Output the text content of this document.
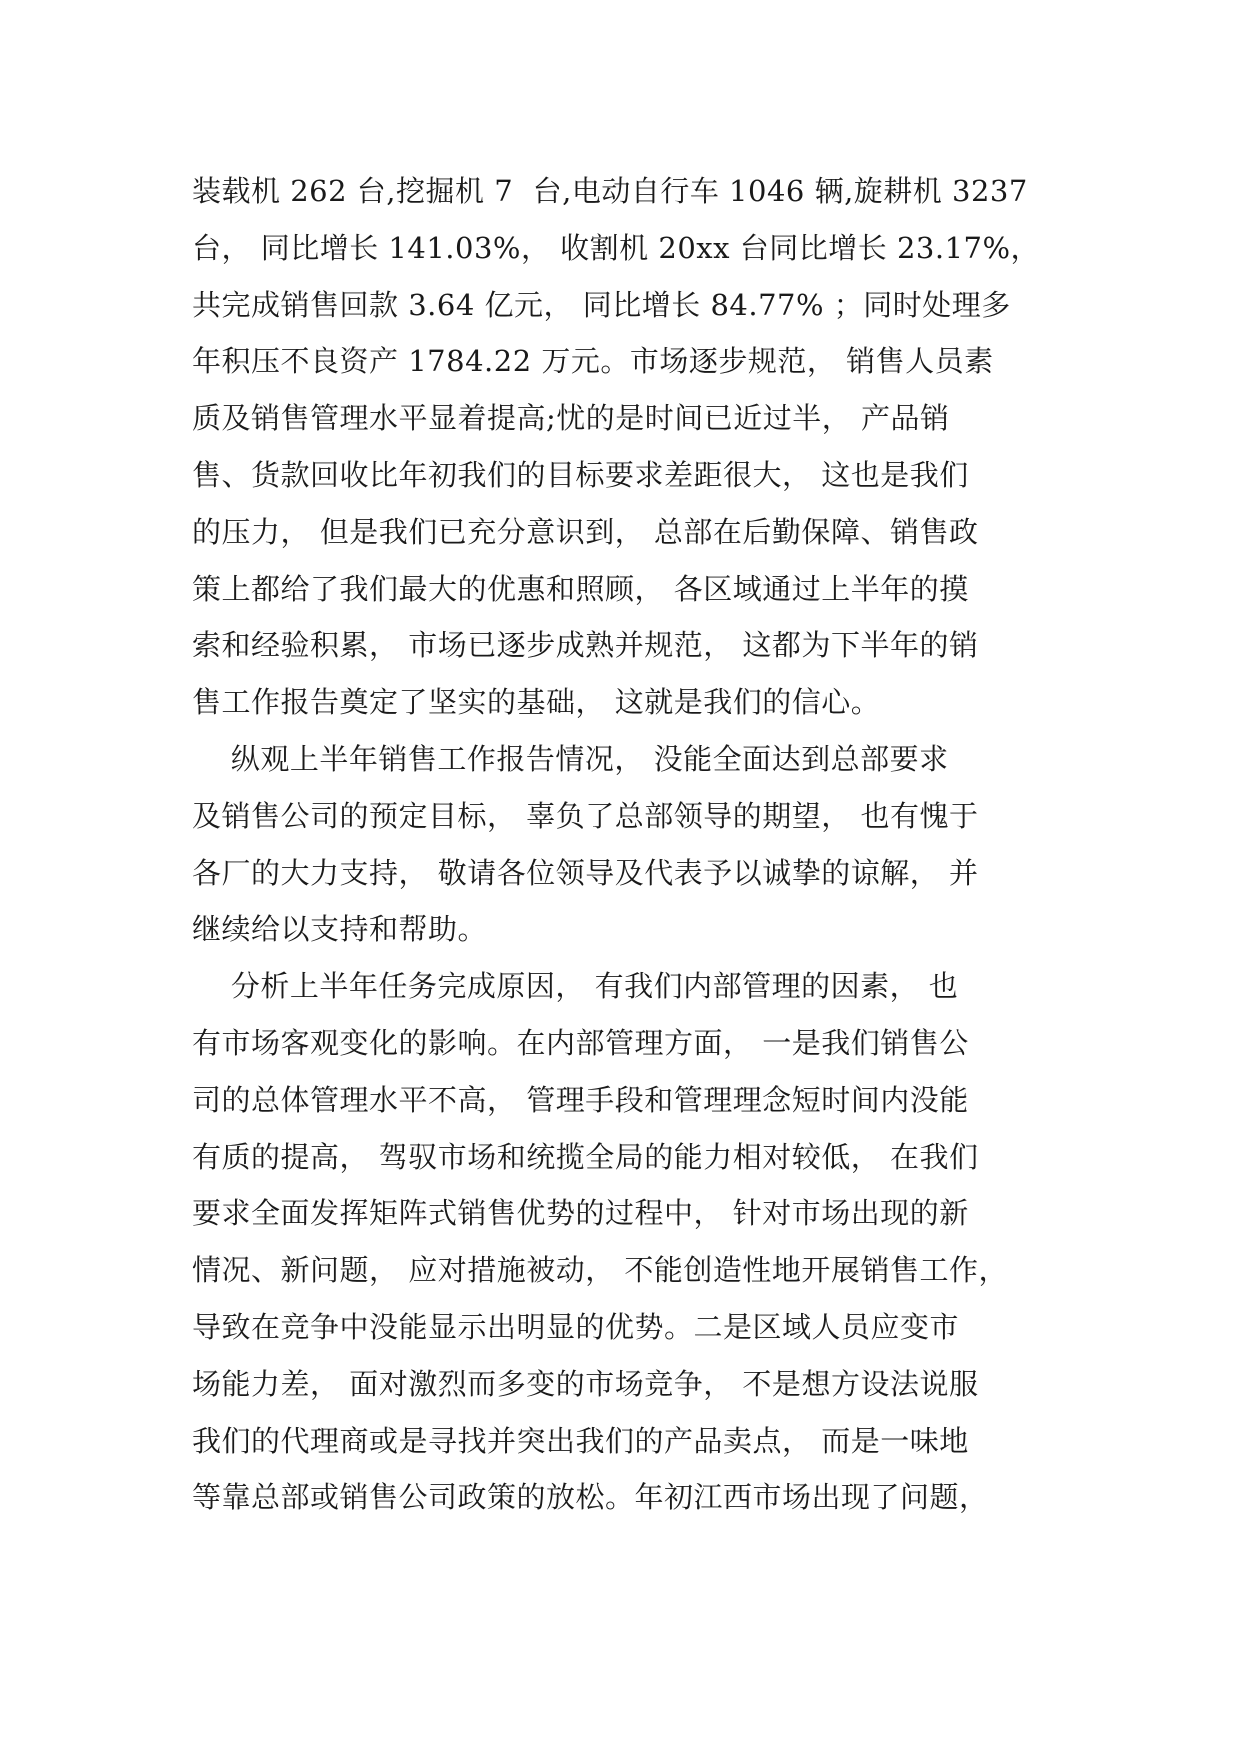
装载机 262 台,挖掘机 7  台,电动自行车 1046 辆,旋耕机 3237
台， 同比增长 141.03%， 收割机 20xx 台同比增长 23.17%，
共完成销售回款 3.64 亿元， 同比增长 84.77% ；同时处理多
年积压不良资产 1784.22 万元。市场逐步规范， 销售人员素
质及销售管理水平显着提高;忧的是时间已近过半， 产品销
售、货款回收比年初我们的目标要求差距很大， 这也是我们
的压力， 但是我们已充分意识到， 总部在后勤保障、销售政
策上都给了我们最大的优惠和照顾， 各区域通过上半年的摸
索和经验积累， 市场已逐步成熟并规范， 这都为下半年的销
售工作报告奠定了坚实的基础， 这就是我们的信心。
纵观上半年销售工作报告情况， 没能全面达到总部要求
及销售公司的预定目标， 辜负了总部领导的期望， 也有愧于
各厂的大力支持， 敬请各位领导及代表予以诚挚的谅解， 并
继续给以支持和帮助。
分析上半年任务完成原因， 有我们内部管理的因素， 也
有市场客观变化的影响。在内部管理方面， 一是我们销售公
司的总体管理水平不高， 管理手段和管理理念短时间内没能
有质的提高， 驾驭市场和统揽全局的能力相对较低， 在我们
要求全面发挥矩阵式销售优势的过程中， 针对市场出现的新
情况、新问题， 应对措施被动， 不能创造性地开展销售工作，
导致在竞争中没能显示出明显的优势。二是区域人员应变市
场能力差， 面对激烈而多变的市场竞争， 不是想方设法说服
我们的代理商或是寻找并突出我们的产品卖点， 而是一味地
等靠总部或销售公司政策的放松。年初江西市场出现了问题，
